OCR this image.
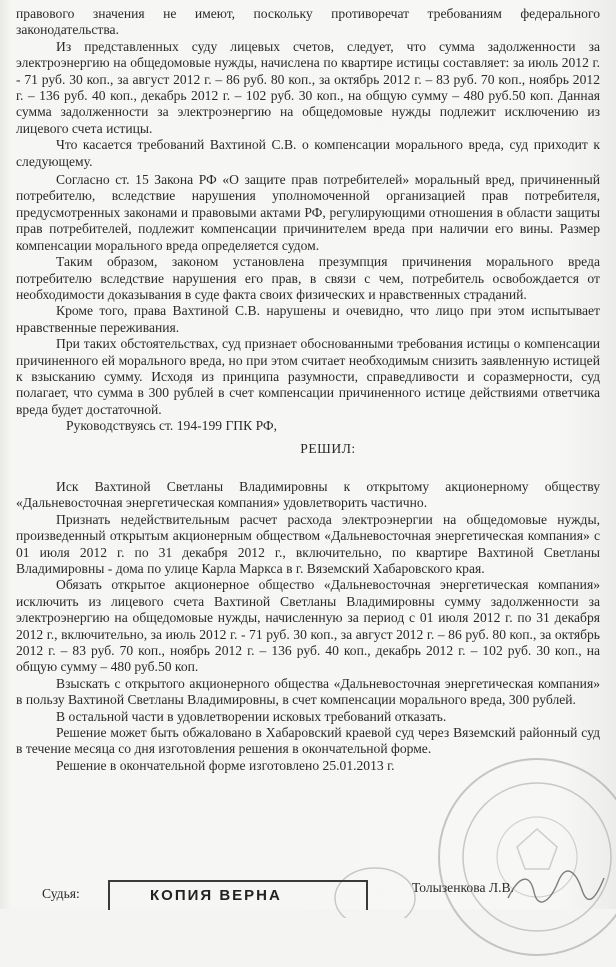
правового значения не имеют, поскольку противоречат требованиям федерального законодательства.

Из представленных суду лицевых счетов, следует, что сумма задолженности за электроэнергию на общедомовые нужды, начислена по квартире истицы составляет: за июль 2012 г. - 71 руб. 30 коп., за август 2012 г. – 86 руб. 80 коп., за октябрь 2012 г. – 83 руб. 70 коп., ноябрь 2012 г. – 136 руб. 40 коп., декабрь 2012 г. – 102 руб. 30 коп., на общую сумму – 480 руб.50 коп. Данная сумма задолженности за электроэнергию на общедомовые нужды подлежит исключению из лицевого счета истицы.

Что касается требований Вахтиной С.В. о компенсации морального вреда, суд приходит к следующему.

Согласно ст. 15 Закона РФ «О защите прав потребителей» моральный вред, причиненный потребителю, вследствие нарушения уполномоченной организацией прав потребителя, предусмотренных законами и правовыми актами РФ, регулирующими отношения в области защиты прав потребителей, подлежит компенсации причинителем вреда при наличии его вины. Размер компенсации морального вреда определяется судом.

Таким образом, законом установлена презумпция причинения морального вреда потребителю вследствие нарушения его прав, в связи с чем, потребитель освобождается от необходимости доказывания в суде факта своих физических и нравственных страданий.

Кроме того, права Вахтиной С.В. нарушены и очевидно, что лицо при этом испытывает нравственные переживания.

При таких обстоятельствах, суд признает обоснованными требования истицы о компенсации причиненного ей морального вреда, но при этом считает необходимым снизить заявленную истицей к взысканию сумму. Исходя из принципа разумности, справедливости и соразмерности, суд полагает, что сумма в 300 рублей в счет компенсации причиненного истице действиями ответчика вреда будет достаточной.

Руководствуясь ст. 194-199 ГПК РФ,

РЕШИЛ:

Иск Вахтиной Светланы Владимировны к открытому акционерному обществу «Дальневосточная энергетическая компания» удовлетворить частично.

Признать недействительным расчет расхода электроэнергии на общедомовые нужды, произведенный открытым акционерным обществом «Дальневосточная энергетическая компания» с 01 июля 2012 г. по 31 декабря 2012 г., включительно, по квартире Вахтиной Светланы Владимировны - дома по улице Карла Маркса в г. Вяземский Хабаровского края.

Обязать открытое акционерное общество «Дальневосточная энергетическая компания» исключить из лицевого счета Вахтиной Светланы Владимировны сумму задолженности за электроэнергию на общедомовые нужды, начисленную за период с 01 июля 2012 г. по 31 декабря 2012 г., включительно, за июль 2012 г. - 71 руб. 30 коп., за август 2012 г. – 86 руб. 80 коп., за октябрь 2012 г. – 83 руб. 70 коп., ноябрь 2012 г. – 136 руб. 40 коп., декабрь 2012 г. – 102 руб. 30 коп., на общую сумму – 480 руб.50 коп.

Взыскать с открытого акционерного общества «Дальневосточная энергетическая компания» в пользу Вахтиной Светланы Владимировны, в счет компенсации морального вреда, 300 рублей.

В остальной части в удовлетворении исковых требований отказать.

Решение может быть обжаловано в Хабаровский краевой суд через Вяземский районный суд в течение месяца со дня изготовления решения в окончательной форме.

Решение в окончательной форме изготовлено 25.01.2013 г.

Судья:	КОПИЯ ВЕРНА	Толызенкова Л.В.
